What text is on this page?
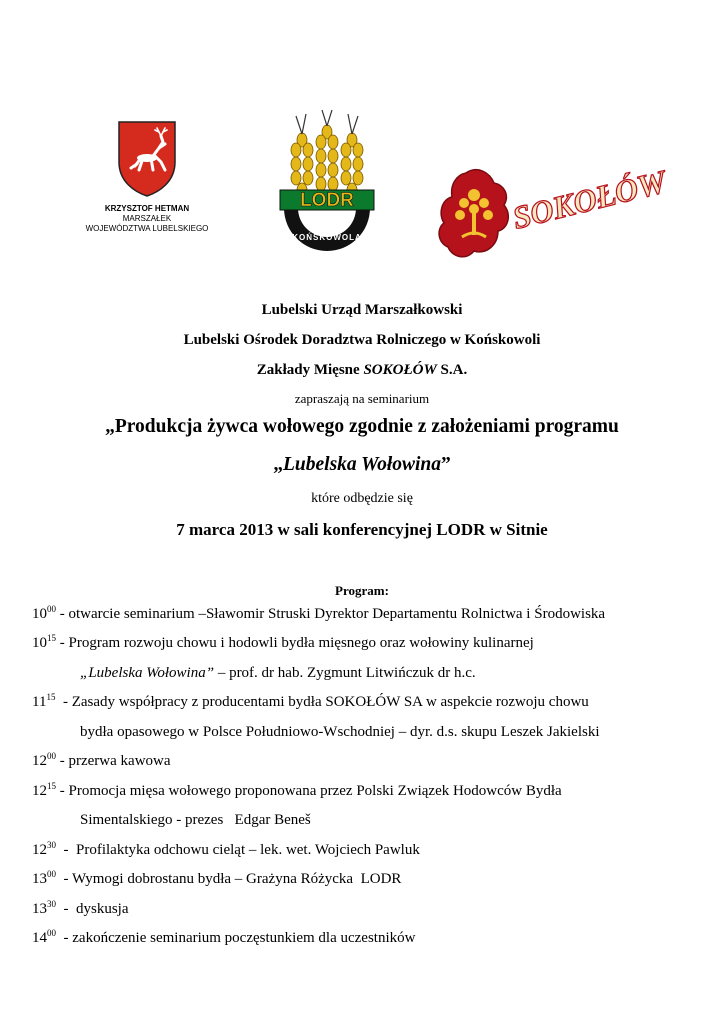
KRZYSZTOF HETMAN
MARSZAŁEK
WOJEWÓDZTWA LUBELSKIEGO
KOŃSKOWOLA
LODR	SOKOŁÓW
Lubelski Urząd Marszałkowski
Lubelski Ośrodek Doradztwa Rolniczego w Końskowoli
Zakłady Mięsne SOKOŁÓW S.A.
zapraszają na seminarium
„Produkcja żywca wołowego zgodnie z założeniami programu
„Lubelska Wołowina”
które odbędzie się
7 marca 2013 w sali konferencyjnej LODR w Sitnie
Program:
$10^{00}$ - otwarcie seminarium –Sławomir Struski Dyrektor Departamentu Rolnictwa i Środowiska
$10^{15}$ - Program rozwoju chowu i hodowli bydła mięsnego oraz wołowiny kulinarnej
„Lubelska Wołowina” – prof. dr hab. Zygmunt Litwińczuk dr h.c.
$11^{15}$  - Zasady współpracy z producentami bydła SOKOŁÓW SA w aspekcie rozwoju chowu
bydła opasowego w Polsce Południowo-Wschodniej – dyr. d.s. skupu Leszek Jakielski
$12^{00}$ - przerwa kawowa
$12^{15}$ - Promocja mięsa wołowego proponowana przez Polski Związek Hodowców Bydła
Simentalskiego - prezes   Edgar Beneš
$12^{30}$  -  Profilaktyka odchowu cieląt – lek. wet. Wojciech Pawluk
$13^{00}$  - Wymogi dobrostanu bydła – Grażyna Różycka  LODR
$13^{30}$  -  dyskusja
$14^{00}$  - zakończenie seminarium poczęstunkiem dla uczestników
